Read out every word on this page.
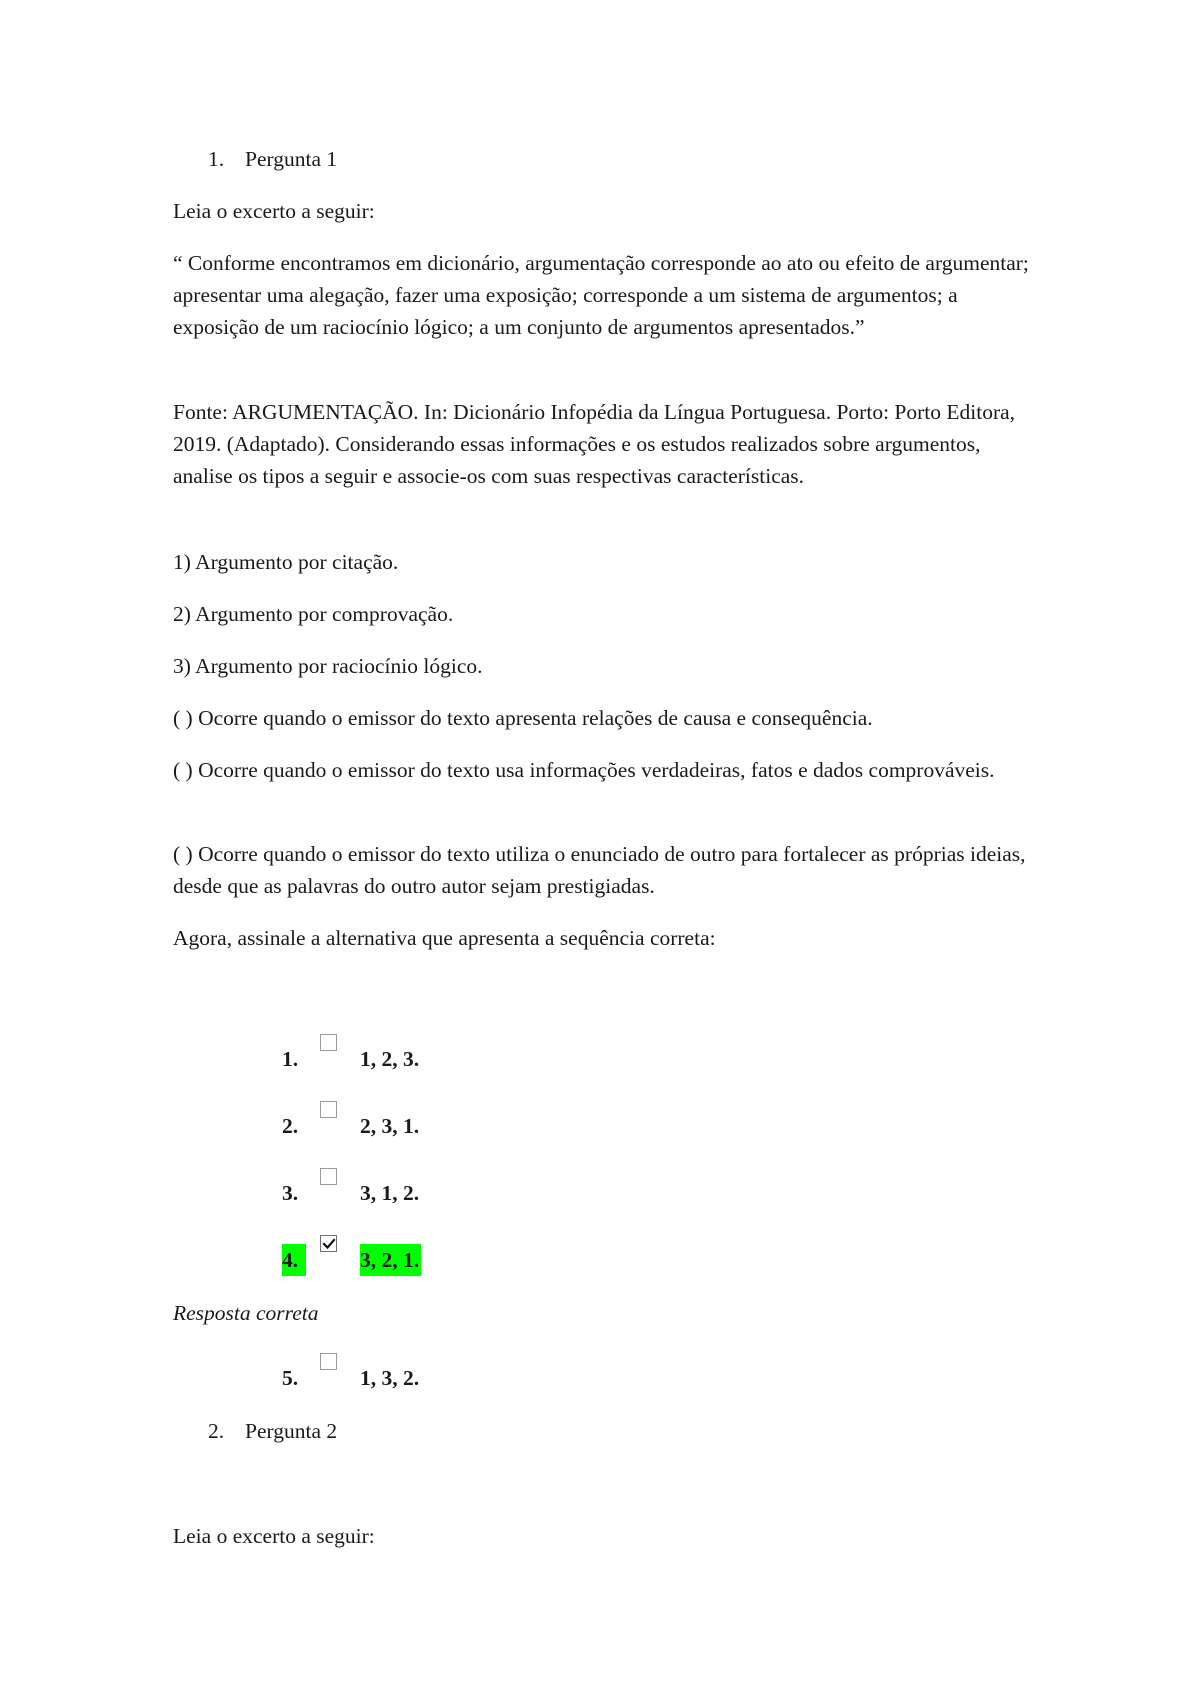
1. Pergunta 1

Leia o excerto a seguir:

“ Conforme encontramos em dicionário, argumentação corresponde ao ato ou efeito de argumentar; apresentar uma alegação, fazer uma exposição; corresponde a um sistema de argumentos; a exposição de um raciocínio lógico; a um conjunto de argumentos apresentados.”

Fonte: ARGUMENTAÇÃO. In: Dicionário Infopédia da Língua Portuguesa. Porto: Porto Editora, 2019. (Adaptado). Considerando essas informações e os estudos realizados sobre argumentos, analise os tipos a seguir e associe-os com suas respectivas características.

1) Argumento por citação.

2) Argumento por comprovação.

3) Argumento por raciocínio lógico.

( ) Ocorre quando o emissor do texto apresenta relações de causa e consequência.

( ) Ocorre quando o emissor do texto usa informações verdadeiras, fatos e dados comprováveis.

( ) Ocorre quando o emissor do texto utiliza o enunciado de outro para fortalecer as próprias ideias, desde que as palavras do outro autor sejam prestigiadas.

Agora, assinale a alternativa que apresenta a sequência correta:

1.	1, 2, 3.
2.	2, 3, 1.
3.	3, 1, 2.
4.	3, 2, 1.

Resposta correta

5.	1, 3, 2.

2. Pergunta 2

Leia o excerto a seguir:
